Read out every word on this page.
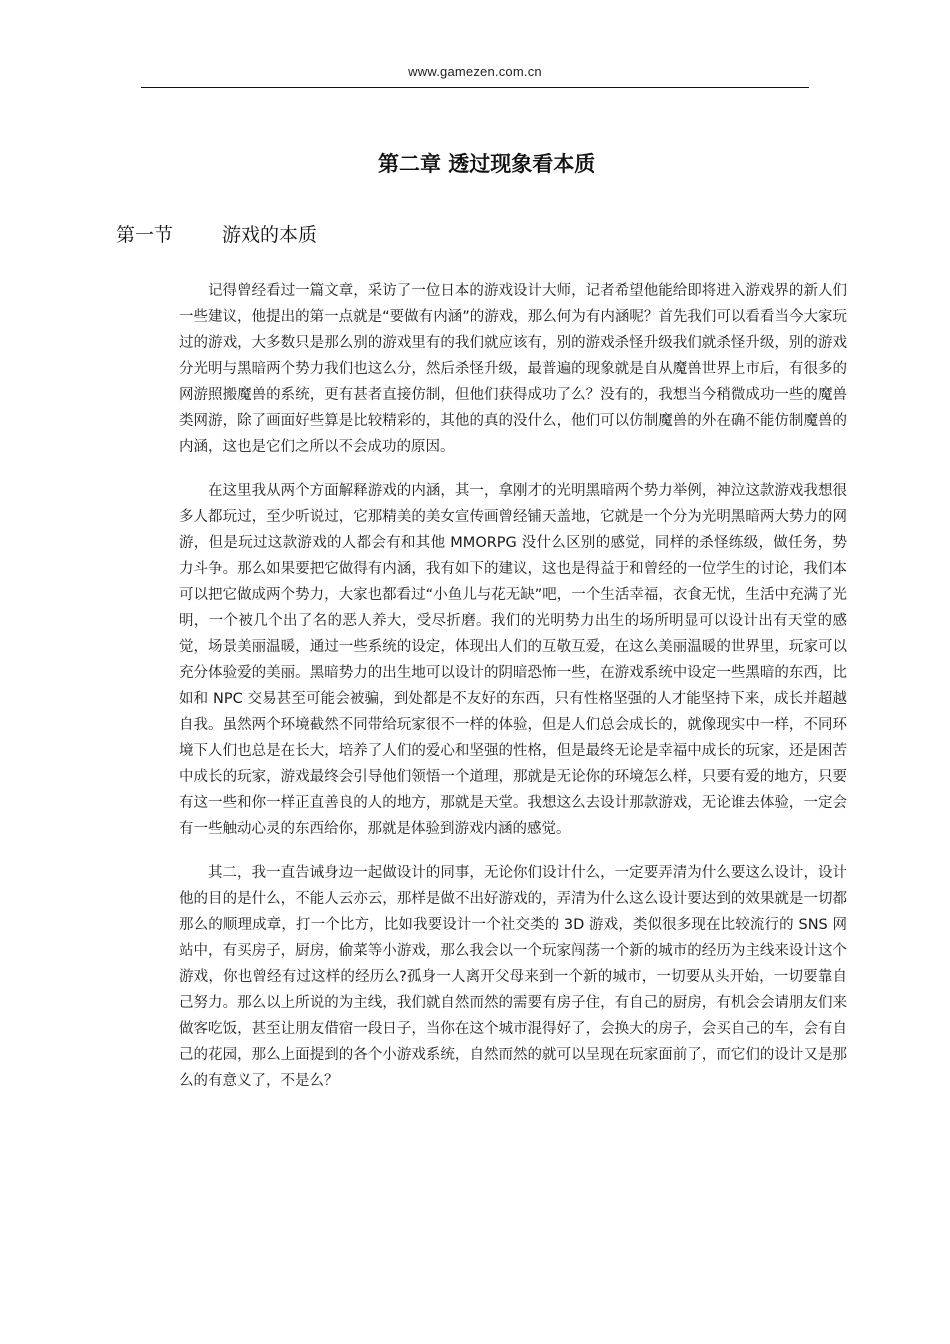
www.gamezen.com.cn
第二章 透过现象看本质
第一节	游戏的本质

记得曾经看过一篇文章，采访了一位日本的游戏设计大师，记者希望他能给即将进入游戏界的新人们一些建议，他提出的第一点就是“要做有内涵”的游戏，那么何为有内涵呢？首先我们可以看看当今大家玩过的游戏，大多数只是那么别的游戏里有的我们就应该有，别的游戏杀怪升级我们就杀怪升级，别的游戏分光明与黑暗两个势力我们也这么分，然后杀怪升级，最普遍的现象就是自从魔兽世界上市后，有很多的网游照搬魔兽的系统，更有甚者直接仿制，但他们获得成功了么？没有的，我想当今稍微成功一些的魔兽类网游，除了画面好些算是比较精彩的，其他的真的没什么，他们可以仿制魔兽的外在确不能仿制魔兽的内涵，这也是它们之所以不会成功的原因。

在这里我从两个方面解释游戏的内涵，其一，拿刚才的光明黑暗两个势力举例，神泣这款游戏我想很多人都玩过，至少听说过，它那精美的美女宣传画曾经铺天盖地，它就是一个分为光明黑暗两大势力的网游，但是玩过这款游戏的人都会有和其他 MMORPG 没什么区别的感觉，同样的杀怪练级，做任务，势力斗争。那么如果要把它做得有内涵，我有如下的建议，这也是得益于和曾经的一位学生的讨论，我们本可以把它做成两个势力，大家也都看过“小鱼儿与花无缺”吧，一个生活幸福，衣食无忧，生活中充满了光明，一个被几个出了名的恶人养大，受尽折磨。我们的光明势力出生的场所明显可以设计出有天堂的感觉，场景美丽温暖，通过一些系统的设定，体现出人们的互敬互爱，在这么美丽温暖的世界里，玩家可以充分体验爱的美丽。黑暗势力的出生地可以设计的阴暗恐怖一些，在游戏系统中设定一些黑暗的东西，比如和 NPC 交易甚至可能会被骗，到处都是不友好的东西，只有性格坚强的人才能坚持下来，成长并超越自我。虽然两个环境截然不同带给玩家很不一样的体验，但是人们总会成长的，就像现实中一样，不同环境下人们也总是在长大，培养了人们的爱心和坚强的性格，但是最终无论是幸福中成长的玩家，还是困苦中成长的玩家，游戏最终会引导他们领悟一个道理，那就是无论你的环境怎么样，只要有爱的地方，只要有这一些和你一样正直善良的人的地方，那就是天堂。我想这么去设计那款游戏，无论谁去体验，一定会有一些触动心灵的东西给你，那就是体验到游戏内涵的感觉。

其二，我一直告诫身边一起做设计的同事，无论你们设计什么，一定要弄清为什么要这么设计，设计他的目的是什么，不能人云亦云，那样是做不出好游戏的，弄清为什么这么设计要达到的效果就是一切都那么的顺理成章，打一个比方，比如我要设计一个社交类的 3D 游戏，类似很多现在比较流行的 SNS 网站中，有买房子，厨房，偷菜等小游戏，那么我会以一个玩家闯荡一个新的城市的经历为主线来设计这个游戏，你也曾经有过这样的经历么?孤身一人离开父母来到一个新的城市，一切要从头开始，一切要靠自己努力。那么以上所说的为主线，我们就自然而然的需要有房子住，有自己的厨房，有机会会请朋友们来做客吃饭，甚至让朋友借宿一段日子，当你在这个城市混得好了，会换大的房子，会买自己的车，会有自己的花园，那么上面提到的各个小游戏系统，自然而然的就可以呈现在玩家面前了，而它们的设计又是那么的有意义了，不是么？
